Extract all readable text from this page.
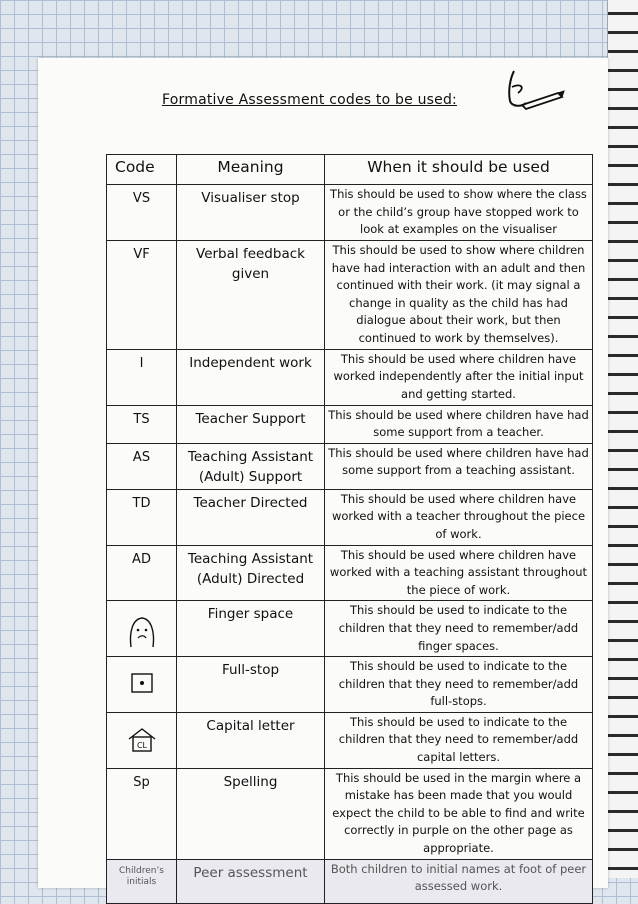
Formative Assessment codes to be used:
Code	Meaning	When it should be used
VS	Visualiser stop	This should be used to show where the class or the child’s group have stopped work to look at examples on the visualiser
VF	Verbal feedback given	This should be used to show where children have had interaction with an adult and then continued with their work. (it may signal a change in quality as the child has had dialogue about their work, but then continued to work by themselves).
I	Independent work	This should be used where children have worked independently after the initial input and getting started.
TS	Teacher Support	This should be used where children have had some support from a teacher.
AS	Teaching Assistant (Adult) Support	This should be used where children have had some support from a teaching assistant.
TD	Teacher Directed	This should be used where children have worked with a teacher throughout the piece of work.
AD	Teaching Assistant (Adult) Directed	This should be used where children have worked with a teaching assistant throughout the piece of work.
	Finger space	This should be used to indicate to the children that they need to remember/add finger spaces.
	Full-stop	This should be used to indicate to the children that they need to remember/add full-stops.

CL	Capital letter	This should be used to indicate to the children that they need to remember/add capital letters.
Sp	Spelling	This should be used in the margin where a mistake has been made that you would expect the child to be able to find and write correctly in purple on the other page as appropriate.
Children’s initials	Peer assessment	Both children to initial names at foot of peer assessed work.
